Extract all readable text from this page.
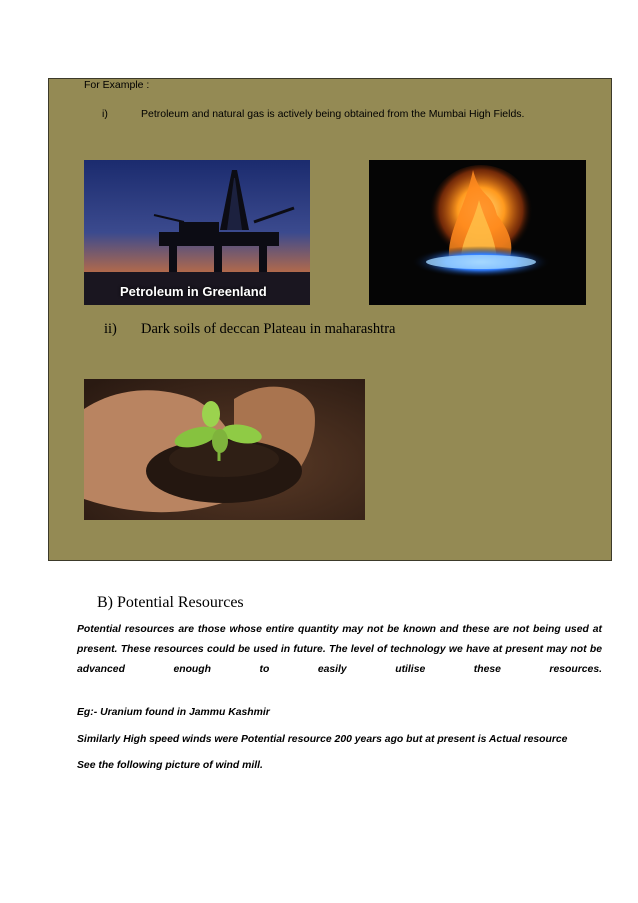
For Example :
i)	Petroleum and natural gas is actively being obtained from the Mumbai High Fields.
Petroleum in Greenland
ii) Dark soils of deccan Plateau in maharashtra
B) Potential Resources
Potential resources are those whose entire quantity may not be known and these are not being used at
present. These resources could be used in future. The level of technology we have at present may not be
advanced enough to easily utilise these resources.
Eg:- Uranium found in Jammu Kashmir
Similarly High speed winds were Potential resource 200 years ago but at present is Actual resource
See the following picture of wind mill.
